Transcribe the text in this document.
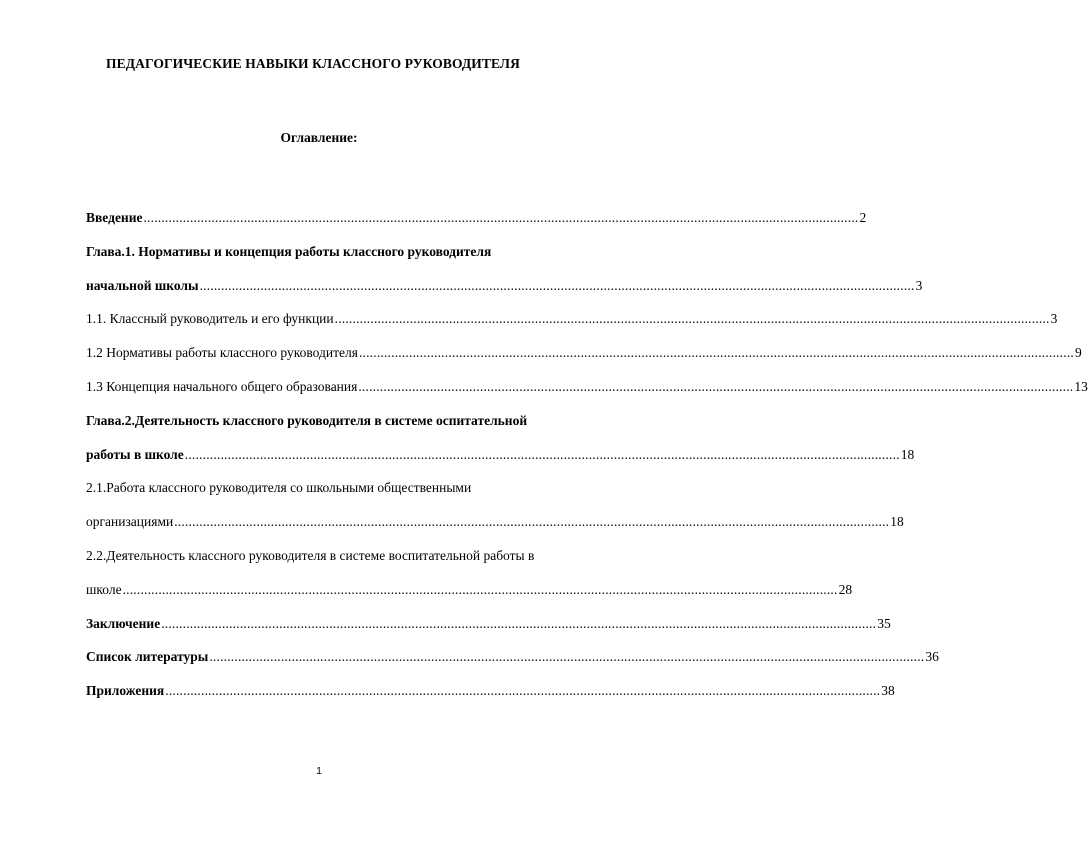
ПЕДАГОГИЧЕСКИЕ НАВЫКИ КЛАССНОГО РУКОВОДИТЕЛЯ
Оглавление:
Введение ........................................................................................................................................................................................................ 2
Глава.1. Нормативы и концепция работы классного руководителя
начальной школы ........................................................................................................................................................................................................ 3
1.1. Классный руководитель и его функции ........................................................................................................................................................................................................ 3
1.2 Нормативы работы классного руководителя ........................................................................................................................................................................................................ 9
1.3 Концепция начального общего образования ........................................................................................................................................................................................................ 13
Глава.2.Деятельность классного руководителя в системе оспитательной
работы в школе ........................................................................................................................................................................................................ 18
2.1.Работа классного руководителя со школьными общественными
организациями ........................................................................................................................................................................................................ 18
2.2.Деятельность классного руководителя в системе воспитательной работы в
школе ........................................................................................................................................................................................................ 28
Заключение ........................................................................................................................................................................................................ 35
Список литературы ........................................................................................................................................................................................................ 36
Приложения ........................................................................................................................................................................................................ 38
1
